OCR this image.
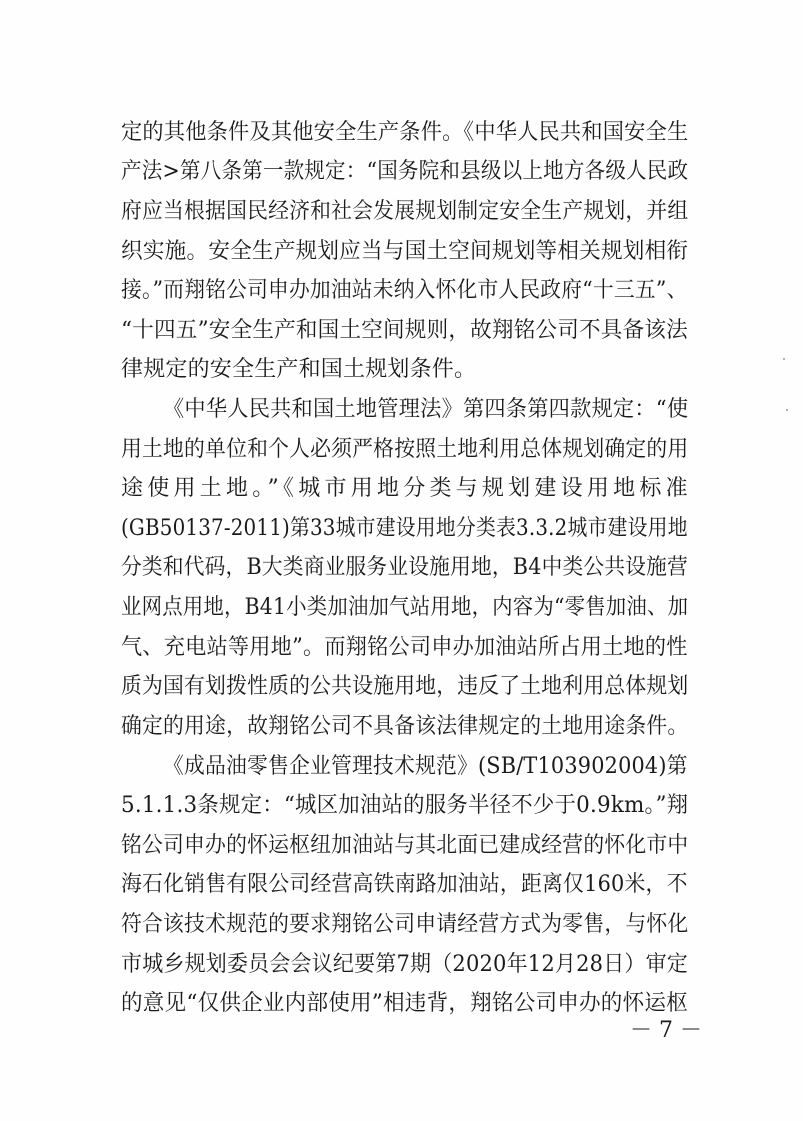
定的其他条件及其他安全生产条件。《中华人民共和国安全生
产法>第八条第一款规定：“国务院和县级以上地方各级人民政
府应当根据国民经济和社会发展规划制定安全生产规划，并组
织实施。安全生产规划应当与国土空间规划等相关规划相衔
接。”而翔铭公司申办加油站未纳入怀化市人民政府“十三五”、
“十四五”安全生产和国土空间规则，故翔铭公司不具备该法
律规定的安全生产和国土规划条件。
《中华人民共和国土地管理法》第四条第四款规定：“使
用土地的单位和个人必须严格按照土地利用总体规划确定的用
途使用土地。”《城市用地分类与规划建设用地标准
(GB50137-2011)第33城市建设用地分类表3.3.2城市建设用地
分类和代码，B大类商业服务业设施用地，B4中类公共设施营
业网点用地，B41小类加油加气站用地，内容为“零售加油、加
气、充电站等用地”。而翔铭公司申办加油站所占用土地的性
质为国有划拨性质的公共设施用地，违反了土地利用总体规划
确定的用途，故翔铭公司不具备该法律规定的土地用途条件。
《成品油零售企业管理技术规范》(SB/T103902004)第
5.1.1.3条规定：“城区加油站的服务半径不少于0.9km。”翔
铭公司申办的怀运枢纽加油站与其北面已建成经营的怀化市中
海石化销售有限公司经营高铁南路加油站，距离仅160米，不
符合该技术规范的要求翔铭公司申请经营方式为零售，与怀化
市城乡规划委员会会议纪要第7期（2020年12月28日）审定
的意见“仅供企业内部使用”相违背，翔铭公司申办的怀运枢
－ 7 －
